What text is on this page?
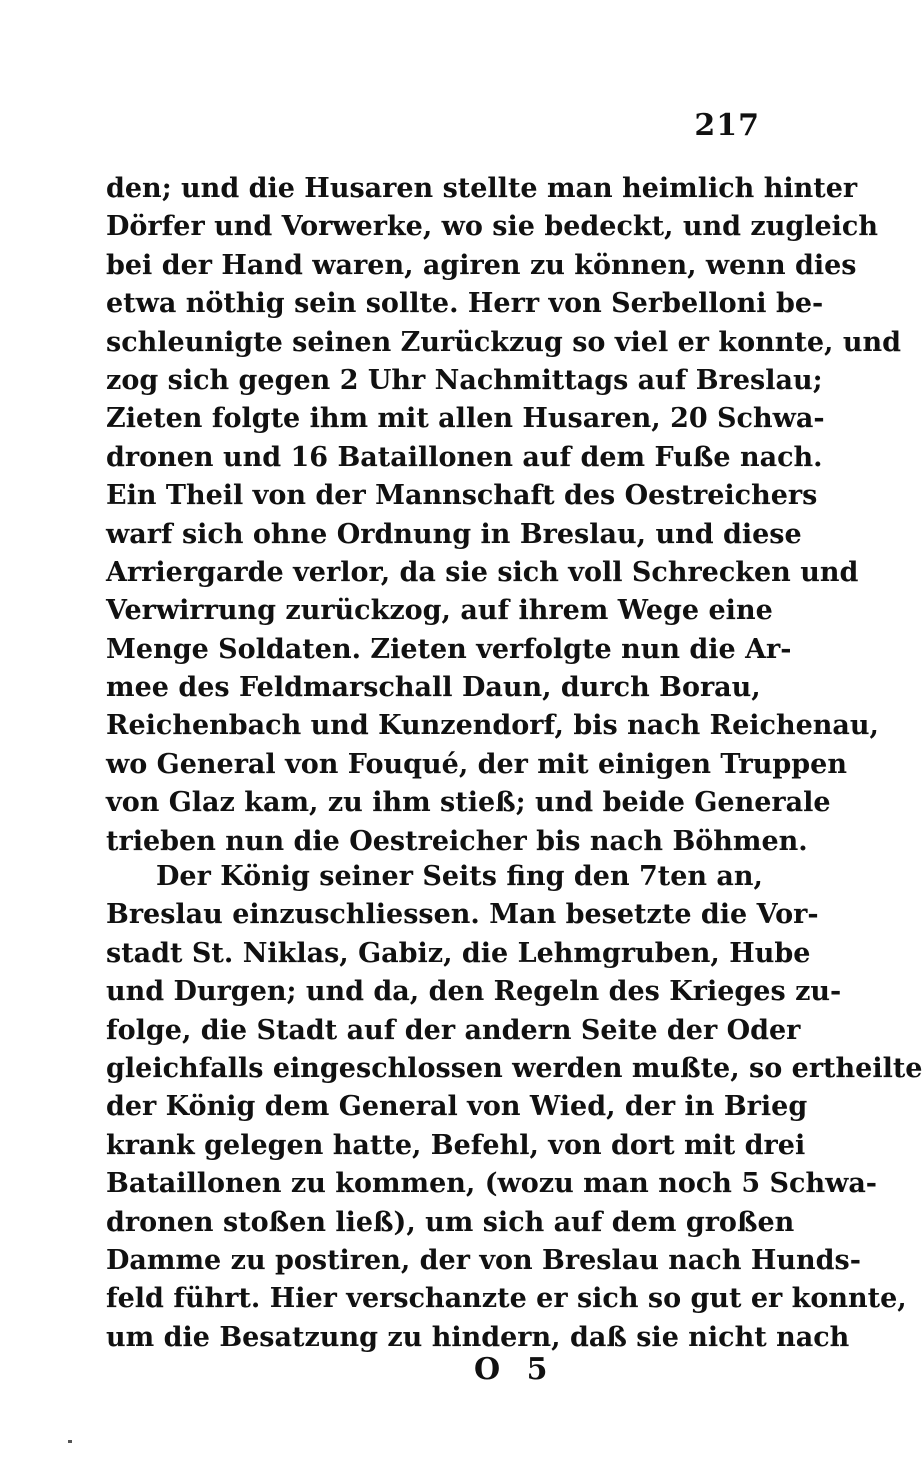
217
den; und die Husaren stellte man heimlich hinter
Dörfer und Vorwerke, wo sie bedeckt, und zugleich
bei der Hand waren, agiren zu können, wenn dies
etwa nöthig sein sollte. Herr von Serbelloni be-
schleunigte seinen Zurückzug so viel er konnte, und
zog sich gegen 2 Uhr Nachmittags auf Breslau;
Zieten folgte ihm mit allen Husaren, 20 Schwa-
dronen und 16 Bataillonen auf dem Fuße nach.
Ein Theil von der Mannschaft des Oestreichers
warf sich ohne Ordnung in Breslau, und diese
Arriergarde verlor, da sie sich voll Schrecken und
Verwirrung zurückzog, auf ihrem Wege eine
Menge Soldaten. Zieten verfolgte nun die Ar-
mee des Feldmarschall Daun, durch Borau,
Reichenbach und Kunzendorf, bis nach Reichenau,
wo General von Fouqué, der mit einigen Truppen
von Glaz kam, zu ihm stieß; und beide Generale
trieben nun die Oestreicher bis nach Böhmen.
Der König seiner Seits fing den 7ten an,
Breslau einzuschliessen. Man besetzte die Vor-
stadt St. Niklas, Gabiz, die Lehmgruben, Hube
und Durgen; und da, den Regeln des Krieges zu-
folge, die Stadt auf der andern Seite der Oder
gleichfalls eingeschlossen werden mußte, so ertheilte
der König dem General von Wied, der in Brieg
krank gelegen hatte, Befehl, von dort mit drei
Bataillonen zu kommen, (wozu man noch 5 Schwa-
dronen stoßen ließ), um sich auf dem großen
Damme zu postiren, der von Breslau nach Hunds-
feld führt. Hier verschanzte er sich so gut er konnte,
um die Besatzung zu hindern, daß sie nicht nach
O 5
